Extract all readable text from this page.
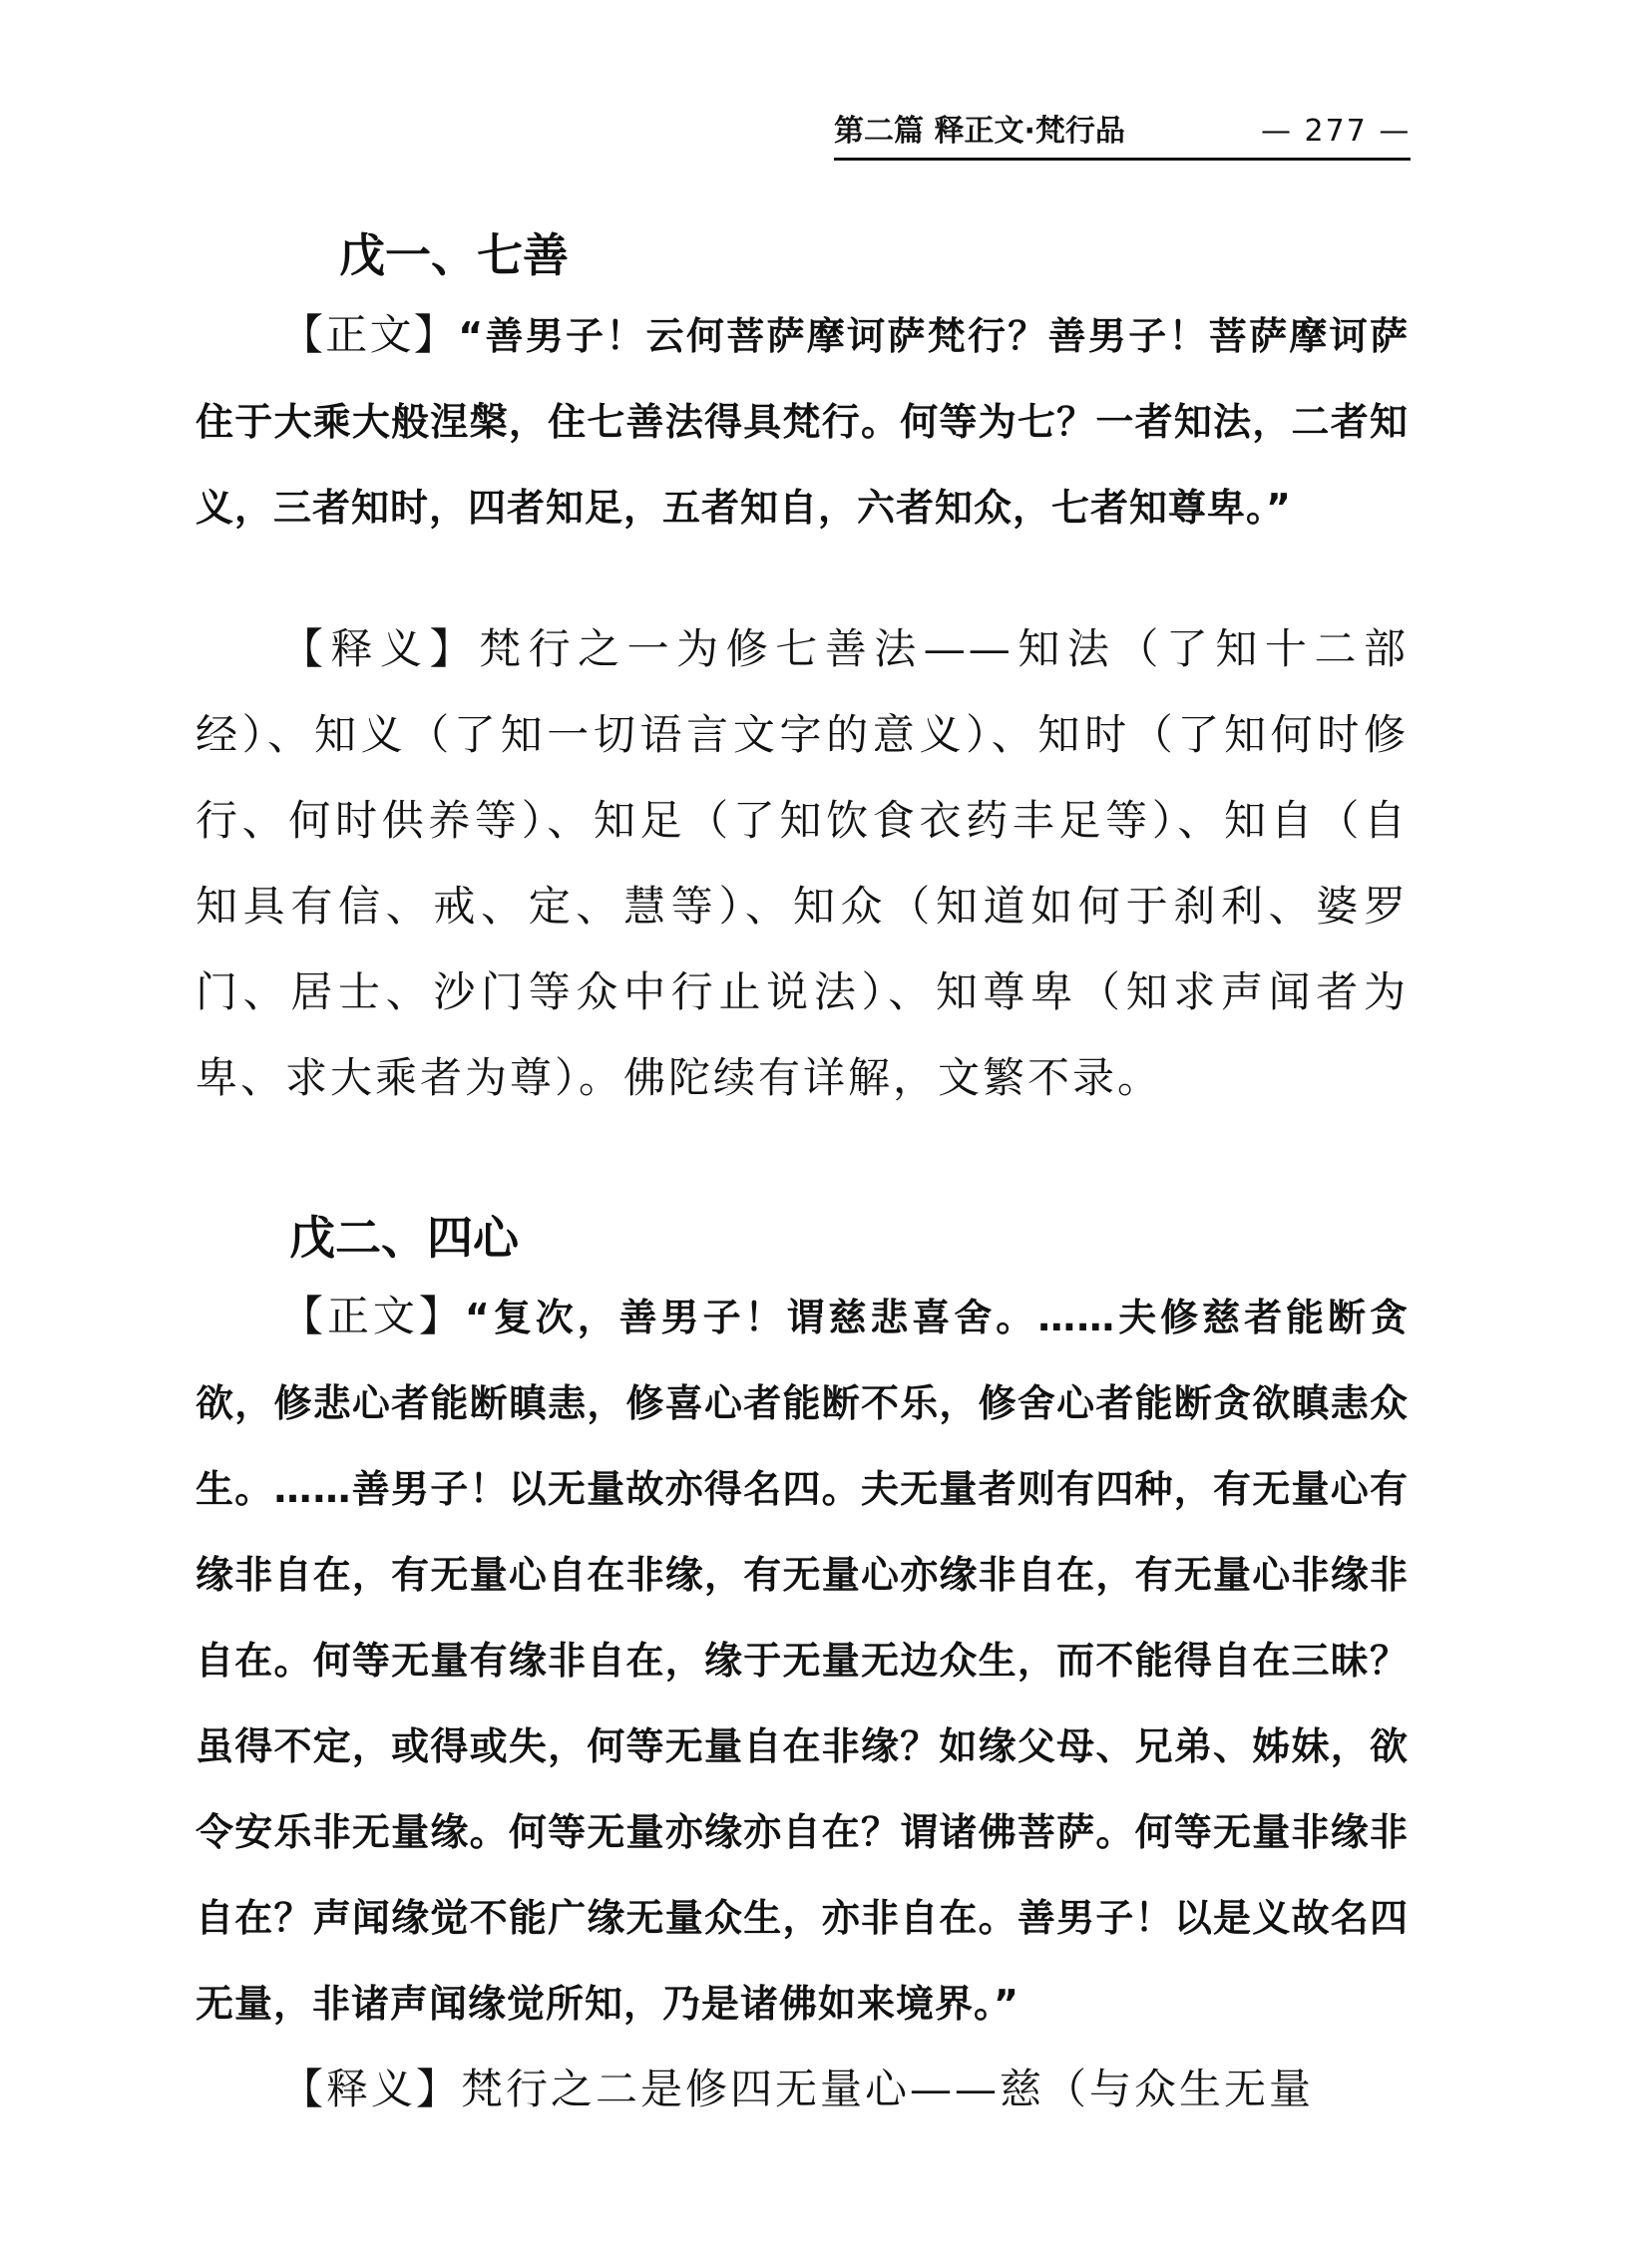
第二篇 释正文·梵行品	— 277 —
戊一、七善

【正文】“善男子！云何菩萨摩诃萨梵行？善男子！菩萨摩诃萨住于大乘大般涅槃，住七善法得具梵行。何等为七？一者知法，二者知义，三者知时，四者知足，五者知自，六者知众，七者知尊卑。”

【释义】梵行之一为修七善法——知法（了知十二部经）、知义（了知一切语言文字的意义）、知时（了知何时修行、何时供养等）、知足（了知饮食衣药丰足等）、知自（自知具有信、戒、定、慧等）、知众（知道如何于刹利、婆罗门、居士、沙门等众中行止说法）、知尊卑（知求声闻者为卑、求大乘者为尊）。佛陀续有详解，文繁不录。

戊二、四心

【正文】“复次，善男子！谓慈悲喜舍。……夫修慈者能断贪欲，修悲心者能断瞋恚，修喜心者能断不乐，修舍心者能断贪欲瞋恚众生。……善男子！以无量故亦得名四。夫无量者则有四种，有无量心有缘非自在，有无量心自在非缘，有无量心亦缘非自在，有无量心非缘非自在。何等无量有缘非自在，缘于无量无边众生，而不能得自在三昧？虽得不定，或得或失，何等无量自在非缘？如缘父母、兄弟、姊妹，欲令安乐非无量缘。何等无量亦缘亦自在？谓诸佛菩萨。何等无量非缘非自在？声闻缘觉不能广缘无量众生，亦非自在。善男子！以是义故名四无量，非诸声闻缘觉所知，乃是诸佛如来境界。”

【释义】梵行之二是修四无量心——慈（与众生无量
